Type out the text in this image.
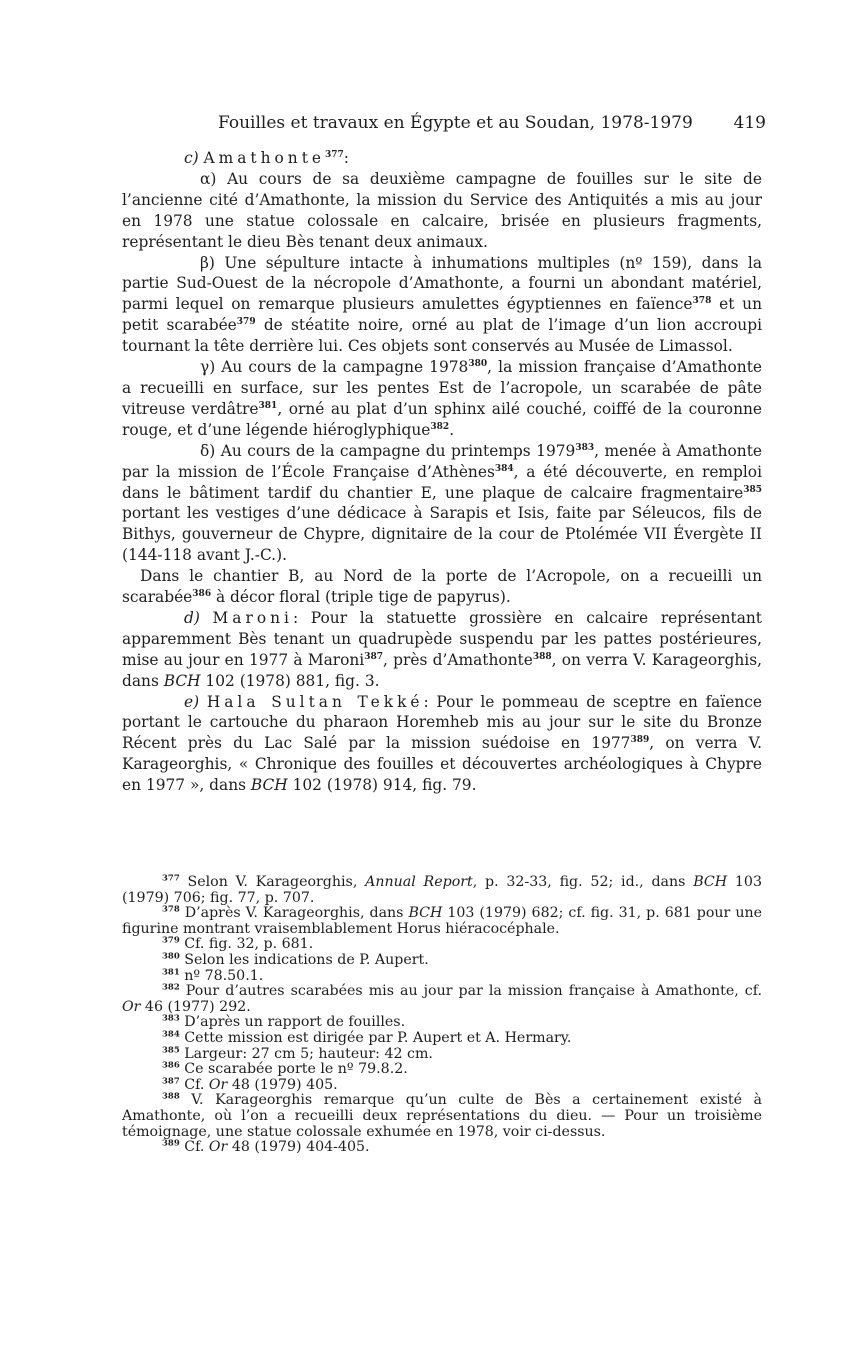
Fouilles et travaux en Égypte et au Soudan, 1978-1979 419

c) Amathonte$^{377}$:

α) Au cours de sa deuxième campagne de fouilles sur le site de l’ancienne cité d’Amathonte, la mission du Service des Antiquités a mis au jour en 1978 une statue colossale en calcaire, brisée en plusieurs fragments, représentant le dieu Bès tenant deux animaux.

β) Une sépulture intacte à inhumations multiples (nº 159), dans la partie Sud-Ouest de la nécropole d’Amathonte, a fourni un abondant matériel, parmi lequel on remarque plusieurs amulettes égyptiennes en faïence$^{378}$ et un petit scarabée$^{379}$ de stéatite noire, orné au plat de l’image d’un lion accroupi tournant la tête derrière lui. Ces objets sont conservés au Musée de Limassol.

γ) Au cours de la campagne 1978$^{380}$, la mission française d’Amathonte a recueilli en surface, sur les pentes Est de l’acropole, un scarabée de pâte vitreuse verdâtre$^{381}$, orné au plat d’un sphinx ailé couché, coiffé de la couronne rouge, et d’une légende hiéroglyphique$^{382}$.

δ) Au cours de la campagne du printemps 1979$^{383}$, menée à Amathonte par la mission de l’École Française d’Athènes$^{384}$, a été découverte, en remploi dans le bâtiment tardif du chantier E, une plaque de calcaire fragmentaire$^{385}$ portant les vestiges d’une dédicace à Sarapis et Isis, faite par Séleucos, fils de Bithys, gouverneur de Chypre, dignitaire de la cour de Ptolémée VII Évergète II (144-118 avant J.-C.).

Dans le chantier B, au Nord de la porte de l’Acropole, on a recueilli un scarabée$^{386}$ à décor floral (triple tige de papyrus).

d) Maroni: Pour la statuette grossière en calcaire représentant apparemment Bès tenant un quadrupède suspendu par les pattes postérieures, mise au jour en 1977 à Maroni$^{387}$, près d’Amathonte$^{388}$, on verra V. Karageorghis, dans BCH 102 (1978) 881, fig. 3.

e) Hala Sultan Tekké: Pour le pommeau de sceptre en faïence portant le cartouche du pharaon Horemheb mis au jour sur le site du Bronze Récent près du Lac Salé par la mission suédoise en 1977$^{389}$, on verra V. Karageorghis, « Chronique des fouilles et découvertes archéologiques à Chypre en 1977 », dans BCH 102 (1978) 914, fig. 79.

$^{377}$ Selon V. Karageorghis, Annual Report, p. 32-33, fig. 52; id., dans BCH 103 (1979) 706; fig. 77, p. 707.

$^{378}$ D’après V. Karageorghis, dans BCH 103 (1979) 682; cf. fig. 31, p. 681 pour une figurine montrant vraisemblablement Horus hiéracocéphale.

$^{379}$ Cf. fig. 32, p. 681.

$^{380}$ Selon les indications de P. Aupert.

$^{381}$ nº 78.50.1.

$^{382}$ Pour d’autres scarabées mis au jour par la mission française à Amathonte, cf. Or 46 (1977) 292.

$^{383}$ D’après un rapport de fouilles.

$^{384}$ Cette mission est dirigée par P. Aupert et A. Hermary.

$^{385}$ Largeur: 27 cm 5; hauteur: 42 cm.

$^{386}$ Ce scarabée porte le nº 79.8.2.

$^{387}$ Cf. Or 48 (1979) 405.

$^{388}$ V. Karageorghis remarque qu’un culte de Bès a certainement existé à Amathonte, où l’on a recueilli deux représentations du dieu. — Pour un troisième témoignage, une statue colossale exhumée en 1978, voir ci-dessus.

$^{389}$ Cf. Or 48 (1979) 404-405.
